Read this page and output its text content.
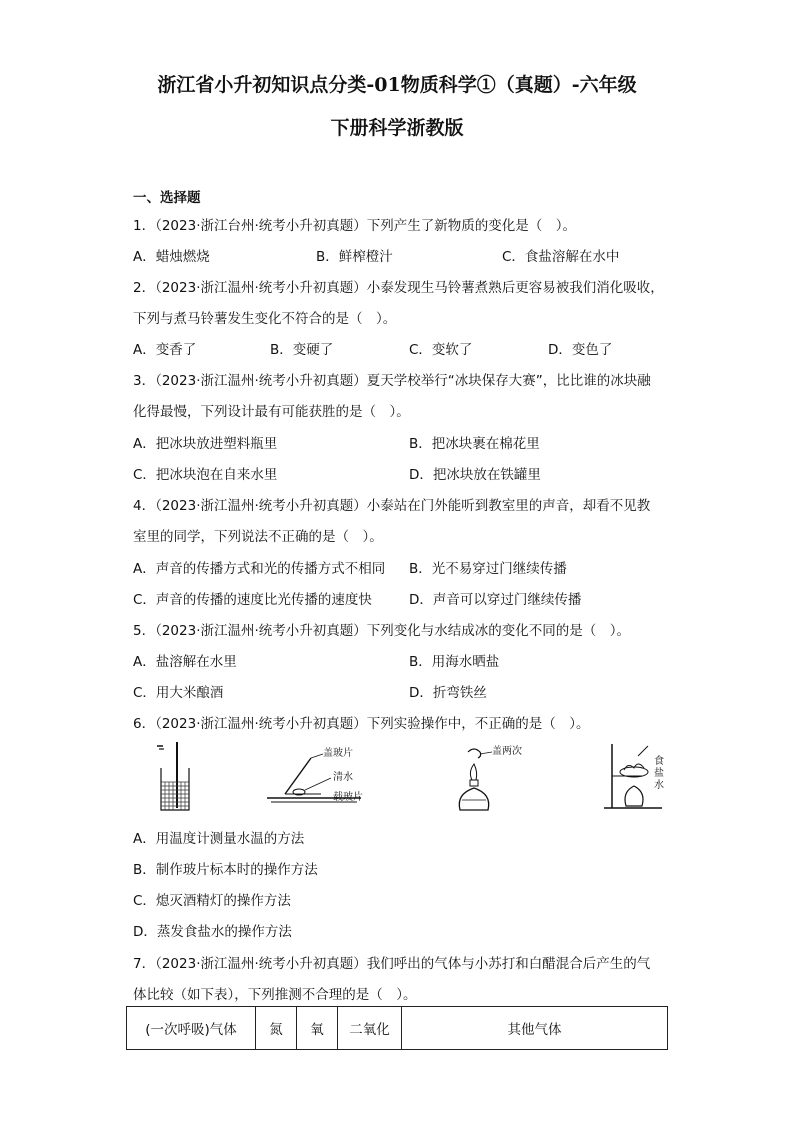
浙江省小升初知识点分类-01物质科学①（真题）-六年级
下册科学浙教版
一、选择题
1．（2023·浙江台州·统考小升初真题）下列产生了新物质的变化是（　）。
A．蜡烛燃烧	B．鲜榨橙汁	C．食盐溶解在水中
2．（2023·浙江温州·统考小升初真题）小泰发现生马铃薯煮熟后更容易被我们消化吸收，
下列与煮马铃薯发生变化不符合的是（　）。
A．变香了	B．变硬了	C．变软了	D．变色了
3．（2023·浙江温州·统考小升初真题）夏天学校举行“冰块保存大赛”，比比谁的冰块融
化得最慢，下列设计最有可能获胜的是（　）。
A．把冰块放进塑料瓶里	B．把冰块裹在棉花里
C．把冰块泡在自来水里	D．把冰块放在铁罐里
4．（2023·浙江温州·统考小升初真题）小泰站在门外能听到教室里的声音，却看不见教
室里的同学，下列说法不正确的是（　）。
A．声音的传播方式和光的传播方式不相同 B．光不易穿过门继续传播
C．声音的传播的速度比光传播的速度快	D．声音可以穿过门继续传播
5．（2023·浙江温州·统考小升初真题）下列变化与水结成冰的变化不同的是（　）。
A．盐溶解在水里	B．用海水晒盐
C．用大米酿酒	D．折弯铁丝
6．（2023·浙江温州·统考小升初真题）下列实验操作中，不正确的是（　）。
盖玻片
清水
载玻片
盖两次
食
盐
水
A．用温度计测量水温的方法
B．制作玻片标本时的操作方法
C．熄灭酒精灯的操作方法
D．蒸发食盐水的操作方法
7．（2023·浙江温州·统考小升初真题）我们呼出的气体与小苏打和白醋混合后产生的气
体比较（如下表），下列推测不合理的是（　）。
(一次呼吸)气体	氮	氧	二氧化	其他气体
